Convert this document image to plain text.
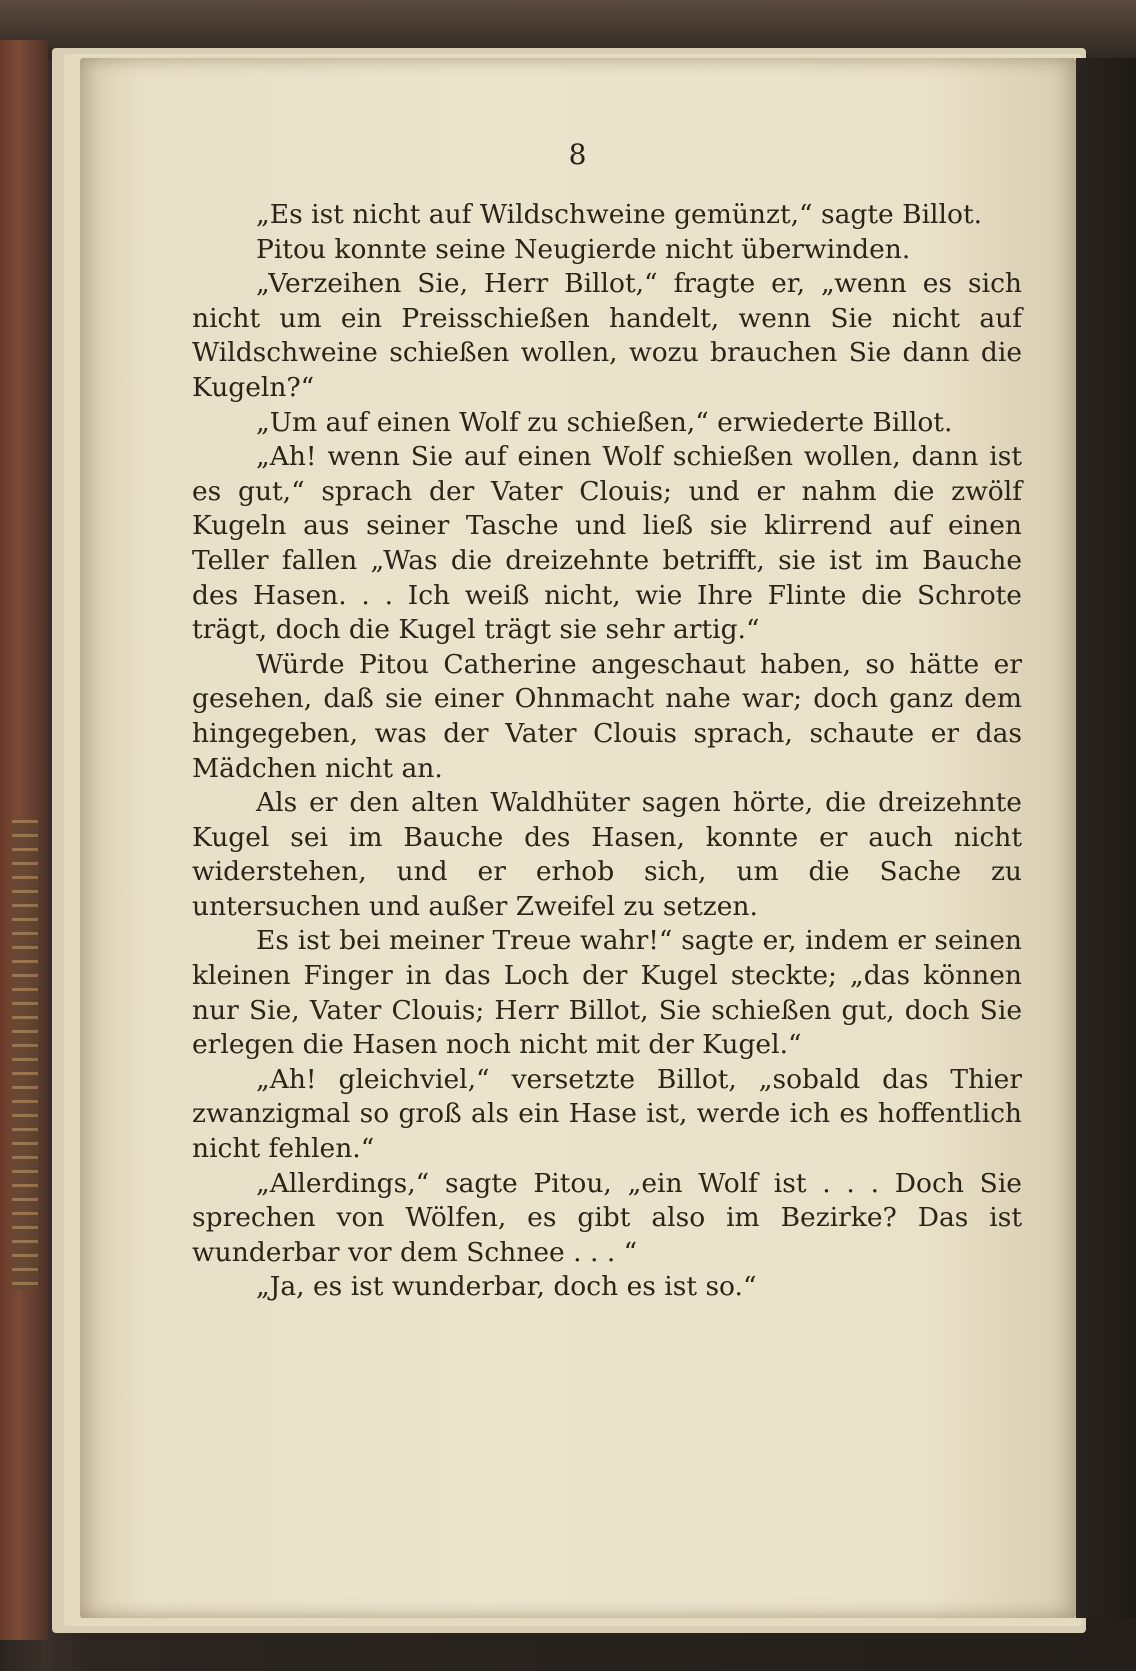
8

„Es ist nicht auf Wildschweine gemünzt,“ sagte Billot.

Pitou konnte seine Neugierde nicht überwinden.

„Verzeihen Sie, Herr Billot,“ fragte er, „wenn es sich nicht um ein Preisschießen handelt, wenn Sie nicht auf Wildschweine schießen wollen, wozu brauchen Sie dann die Kugeln?“

„Um auf einen Wolf zu schießen,“ erwiederte Billot.

„Ah! wenn Sie auf einen Wolf schießen wollen, dann ist es gut,“ sprach der Vater Clouis; und er nahm die zwölf Kugeln aus seiner Tasche und ließ sie klirrend auf einen Teller fallen „Was die dreizehnte betrifft, sie ist im Bauche des Hasen. . . Ich weiß nicht, wie Ihre Flinte die Schrote trägt, doch die Kugel trägt sie sehr artig.“

Würde Pitou Catherine angeschaut haben, so hätte er gesehen, daß sie einer Ohnmacht nahe war; doch ganz dem hingegeben, was der Vater Clouis sprach, schaute er das Mädchen nicht an.

Als er den alten Waldhüter sagen hörte, die dreizehnte Kugel sei im Bauche des Hasen, konnte er auch nicht widerstehen, und er erhob sich, um die Sache zu untersuchen und außer Zweifel zu setzen.

Es ist bei meiner Treue wahr!“ sagte er, indem er seinen kleinen Finger in das Loch der Kugel steckte; „das können nur Sie, Vater Clouis; Herr Billot, Sie schießen gut, doch Sie erlegen die Hasen noch nicht mit der Kugel.“

„Ah! gleichviel,“ versetzte Billot, „sobald das Thier zwanzigmal so groß als ein Hase ist, werde ich es hoffentlich nicht fehlen.“

„Allerdings,“ sagte Pitou, „ein Wolf ist . . . Doch Sie sprechen von Wölfen, es gibt also im Bezirke? Das ist wunderbar vor dem Schnee . . . “

„Ja, es ist wunderbar, doch es ist so.“
